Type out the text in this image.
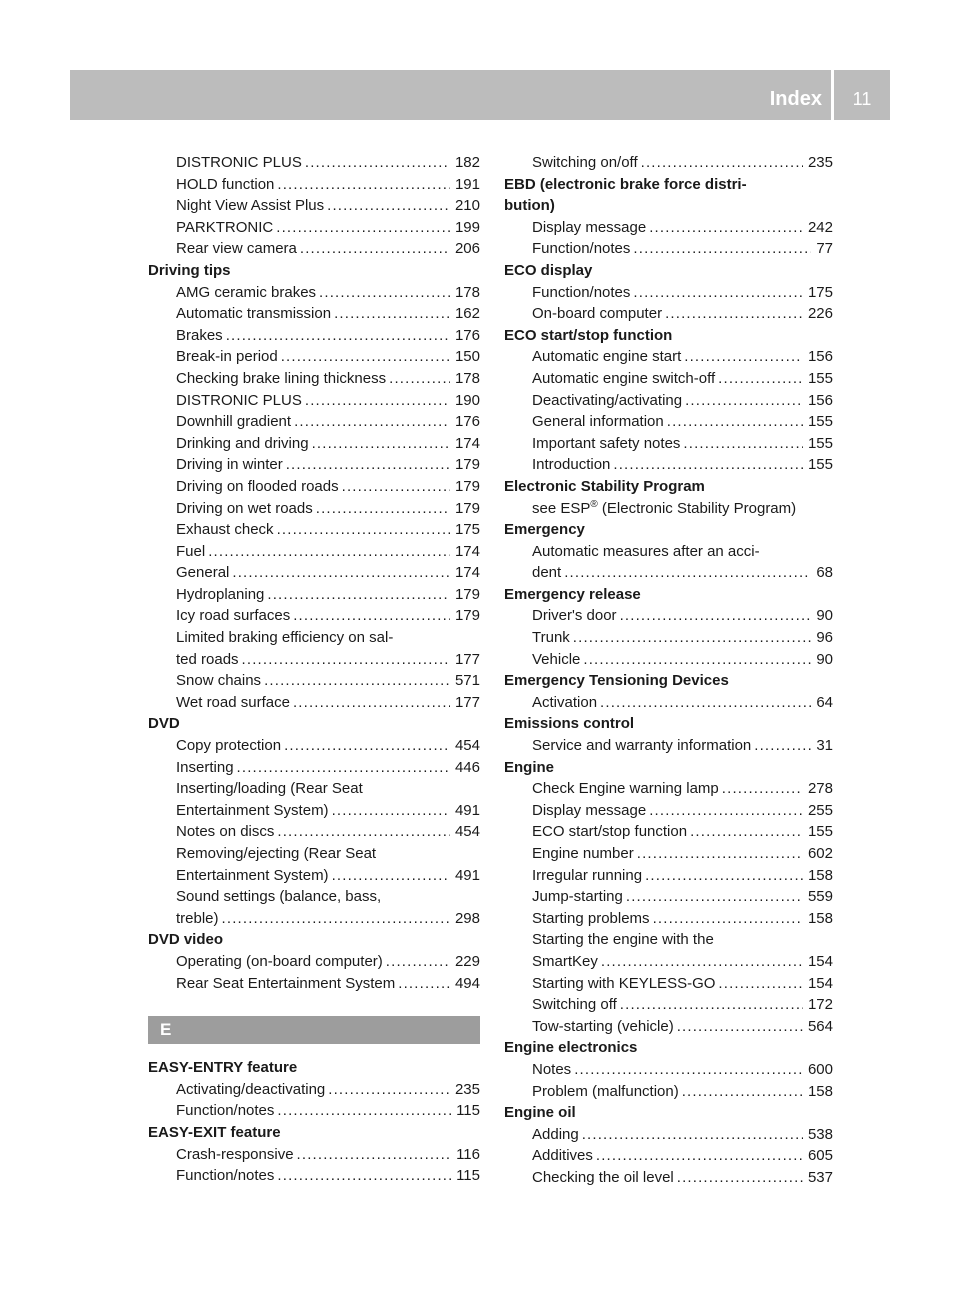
Index	11
DISTRONIC PLUS . . .	182
HOLD function . . .	191
Night View Assist Plus . . .	210
PARKTRONIC . . .	199
Rear view camera . . .	206
Driving tips
AMG ceramic brakes . . .	178
Automatic transmission . . .	162
Brakes . . .	176
Break-in period . . .	150
Checking brake lining thickness . . .	178
DISTRONIC PLUS . . .	190
Downhill gradient . . .	176
Drinking and driving . . .	174
Driving in winter . . .	179
Driving on flooded roads . . .	179
Driving on wet roads . . .	179
Exhaust check . . .	175
Fuel . . .	174
General . . .	174
Hydroplaning . . .	179
Icy road surfaces . . .	179
Limited braking efficiency on sal-
ted roads . . .	177
Snow chains . . .	571
Wet road surface . . .	177
DVD
Copy protection . . .	454
Inserting . . .	446
Inserting/loading (Rear Seat
Entertainment System) . . .	491
Notes on discs . . .	454
Removing/ejecting (Rear Seat
Entertainment System) . . .	491
Sound settings (balance, bass,
treble) . . .	298
DVD video
Operating (on-board computer) . . .	229
Rear Seat Entertainment System . . .	494
E
EASY-ENTRY feature
Activating/deactivating . . .	235
Function/notes . . .	115
EASY-EXIT feature
Crash-responsive . . .	116
Function/notes . . .	115
Switching on/off . . .	235
EBD (electronic brake force distri-
bution)
Display message . . .	242
Function/notes . . .	77
ECO display
Function/notes . . .	175
On-board computer . . .	226
ECO start/stop function
Automatic engine start . . .	156
Automatic engine switch-off . . .	155
Deactivating/activating . . .	156
General information . . .	155
Important safety notes . . .	155
Introduction . . .	155
Electronic Stability Program
see ESP® (Electronic Stability Program)
Emergency
Automatic measures after an acci-
dent . . .	68
Emergency release
Driver's door . . .	90
Trunk . . .	96
Vehicle . . .	90
Emergency Tensioning Devices
Activation . . .	64
Emissions control
Service and warranty information . . .	31
Engine
Check Engine warning lamp . . .	278
Display message . . .	255
ECO start/stop function . . .	155
Engine number . . .	602
Irregular running . . .	158
Jump-starting . . .	559
Starting problems . . .	158
Starting the engine with the
SmartKey . . .	154
Starting with KEYLESS-GO . . .	154
Switching off . . .	172
Tow-starting (vehicle) . . .	564
Engine electronics
Notes . . .	600
Problem (malfunction) . . .	158
Engine oil
Adding . . .	538
Additives . . .	605
Checking the oil level . . .	537
